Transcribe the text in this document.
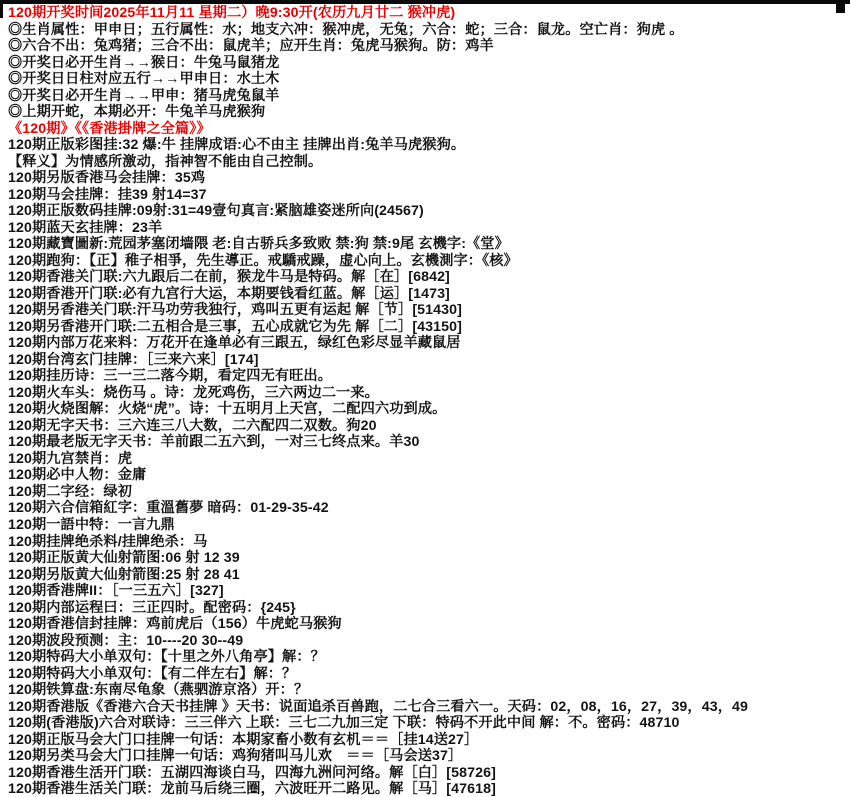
120期开奖时间2025年11月11 星期二）晚9:30开(农历九月廿二 猴冲虎)
◎生肖属性：甲申日；五行属性：水；地支六冲：猴冲虎，无兔；六合：蛇；三合：鼠龙。空亡肖：狗虎 。
◎六合不出：兔鸡猪；三合不出：鼠虎羊；应开生肖：兔虎马猴狗。防：鸡羊
◎开奖日必开生肖→→猴日：牛兔马鼠猪龙
◎开奖日日柱对应五行→→甲申日：水土木
◎开奖日必开生肖→→甲申：猪马虎兔鼠羊
◎上期开蛇，本期必开：牛兔羊马虎猴狗
《120期》《《香港掛牌之全篇》》
120期正版彩图挂:32 爆:牛 挂牌成语:心不由主 挂牌出肖:兔羊马虎猴狗。
【释义】为情感所激动，指神智不能由自己控制。
120期另版香港马会挂牌：35鸡
120期马会挂牌：挂39 射14=37
120期正版数码挂牌:09射:31=49壹句真言:紧脑雄姿迷所向(24567)
120期蓝天玄挂牌：23羊
120期藏寶圖新:荒园茅塞闭墙隈 老:自古骄兵多致败 禁:狗 禁:9尾 玄機字:《堂》
120期跑狗：【正】稚子相爭，先生導正。戒驕戒躁，虚心向上。玄機測字：《核》
120期香港关门联:六九跟后二在前，猴龙牛马是特码。解［在］[6842]
120期香港开门联:必有九宫行大运，本期要钱看红蓝。解［运］[1473]
120期另香港关门联:汗马功劳我独行，鸡叫五更有运起 解［节］[51430]
120期另香港开门联:二五相合是三事，五心成就它为先 解［二］[43150]
120期内部万花来料：万花开在逢单必有三跟五，绿红色彩尽显羊藏鼠居
120期台湾玄门挂牌：［三来六来］[174]
120期挂历诗：三一三二落今期，看定四无有旺出。
120期火车头：烧伤马 。诗：龙死鸡伤，三六两边二一来。
120期火烧图解：火烧“虎”。诗：十五明月上天宫，二配四六功到成。
120期无字天书：三六连三八大数，二六配四二双数。狗20
120期最老版无字天书：羊前跟二五六到，一对三七终点来。羊30
120期九宫禁肖：虎
120期必中人物：金庸
120期二字经：绿初
120期六合信箱紅字：重溫舊夢 暗码：01-29-35-42
120期一語中特：一言九鼎
120期挂牌绝杀料/挂牌绝杀：马
120期正版黄大仙射箭图:06 射 12 39
120期另版黄大仙射箭图:25 射 28 41
120期香港牌II：［一三五六］[327]
120期内部运程曰：三正四时。配密码：{245}
120期香港信封挂牌：鸡前虎后（156）牛虎蛇马猴狗
120期波段预测：主：10----20 30--49
120期特码大小单双句：【十里之外八角亭】解：？
120期特码大小单双句：【有二伴左右】解：？
120期铁算盘:东南尽龟象（燕驷游京洛）开：？
120期香港版《香港六合天书挂牌 》天书：说面追杀百兽跑，二七合三看六一。天码：02，08，16，27，39，43，49
120期(香港版)六合对联诗：三三伴六 上联：三七二九加三定 下联：特码不开此中间 解：不。密码：48710
120期正版马会大门口挂牌一句话：本期家畜小数有玄机＝＝［挂14送27］
120期另类马会大门口挂牌一句话：鸡狗猪叫马儿欢　＝＝［马会送37］
120期香港生活开门联：五湖四海谈白马，四海九洲问河络。解［白］[58726]
120期香港生活关门联：龙前马后绕三圈，六波旺开二路见。解［马］[47618]
